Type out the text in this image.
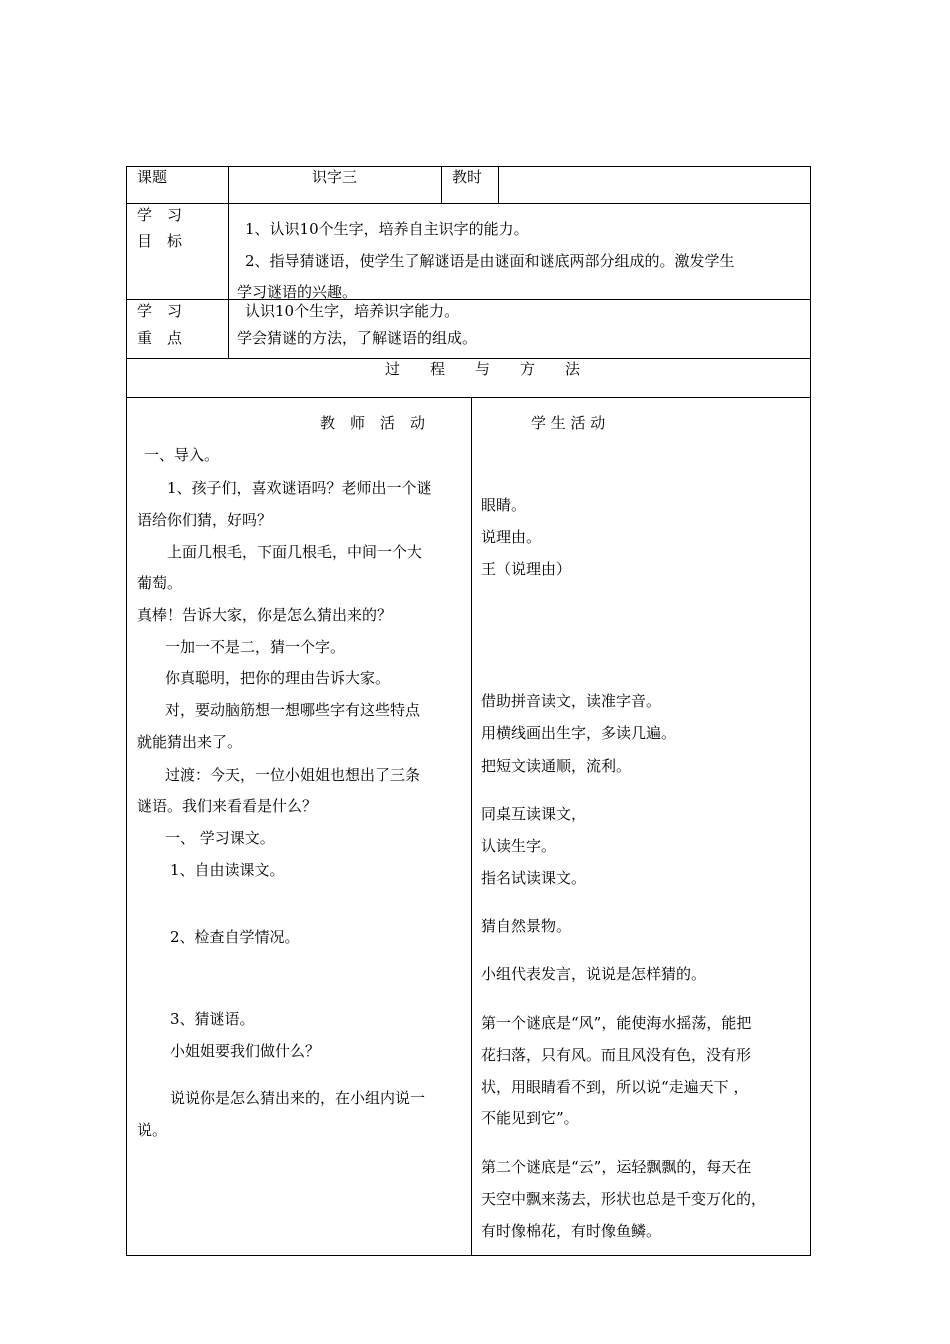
课题	识字三	教时
学　习
目　标
1、认识10个生字，培养自主识字的能力。
2、指导猜谜语，使学生了解谜语是由谜面和谜底两部分组成的。激发学生
学习谜语的兴趣。
学　习
重　点
认识10个生字，培养识字能力。
学会猜谜的方法，了解谜语的组成。
过　　程　　与　　方　　法
教　师　活　动
一、导入。
1、孩子们，喜欢谜语吗？老师出一个谜
语给你们猜，好吗？
上面几根毛，下面几根毛，中间一个大
葡萄。
真棒！告诉大家，你是怎么猜出来的？
一加一不是二，猜一个字。
你真聪明，把你的理由告诉大家。
对，要动脑筋想一想哪些字有这些特点
就能猜出来了。
过渡：今天，一位小姐姐也想出了三条
谜语。我们来看看是什么？
一、 学习课文。
1、自由读课文。
2、检查自学情况。
3、猜谜语。
小姐姐要我们做什么？
说说你是怎么猜出来的，在小组内说一
说。
学 生 活 动
眼睛。
说理由。
王（说理由）
借助拼音读文，读准字音。
用横线画出生字，多读几遍。
把短文读通顺，流利。
同桌互读课文，
认读生字。
指名试读课文。
猜自然景物。
小组代表发言，说说是怎样猜的。
第一个谜底是“风”，能使海水摇荡，能把
花扫落，只有风。而且风没有色，没有形
状，用眼睛看不到，所以说“走遍天下 ，
不能见到它”。
第二个谜底是“云”，运轻飘飘的，每天在
天空中飘来荡去，形状也总是千变万化的，
有时像棉花，有时像鱼鳞。
